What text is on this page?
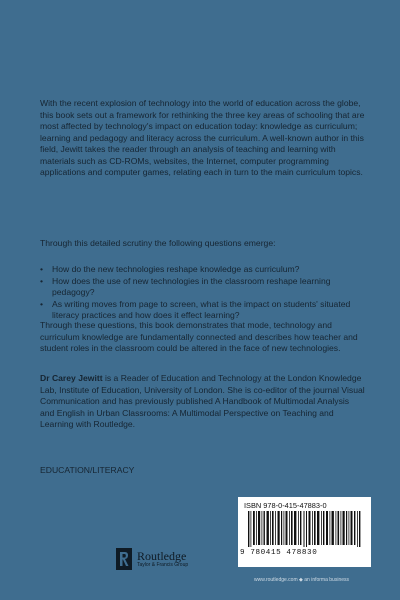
With the recent explosion of technology into the world of education across the globe, this book sets out a framework for rethinking the three key areas of schooling that are most affected by technology's impact on education today: knowledge as curriculum; learning and pedagogy and literacy across the curriculum. A well-known author in this field, Jewitt takes the reader through an analysis of teaching and learning with materials such as CD-ROMs, websites, the Internet, computer programming applications and computer games, relating each in turn to the main curriculum topics.

Through this detailed scrutiny the following questions emerge:

• How do the new technologies reshape knowledge as curriculum?
• How does the use of new technologies in the classroom reshape learning pedagogy?
• As writing moves from page to screen, what is the impact on students' situated literacy practices and how does it effect learning?

Through these questions, this book demonstrates that mode, technology and curriculum knowledge are fundamentally connected and describes how teacher and student roles in the classroom could be altered in the face of new technologies.

Dr Carey Jewitt is a Reader of Education and Technology at the London Knowledge Lab, Institute of Education, University of London. She is co-editor of the journal Visual Communication and has previously published A Handbook of Multimodal Analysis and English in Urban Classrooms: A Multimodal Perspective on Teaching and Learning with Routledge.

EDUCATION/LITERACY
ISBN 978-0-415-47883-0
9 780415 478830
Routledge
Taylor & Francis Group
www.routledge.com ◆ an informa business
